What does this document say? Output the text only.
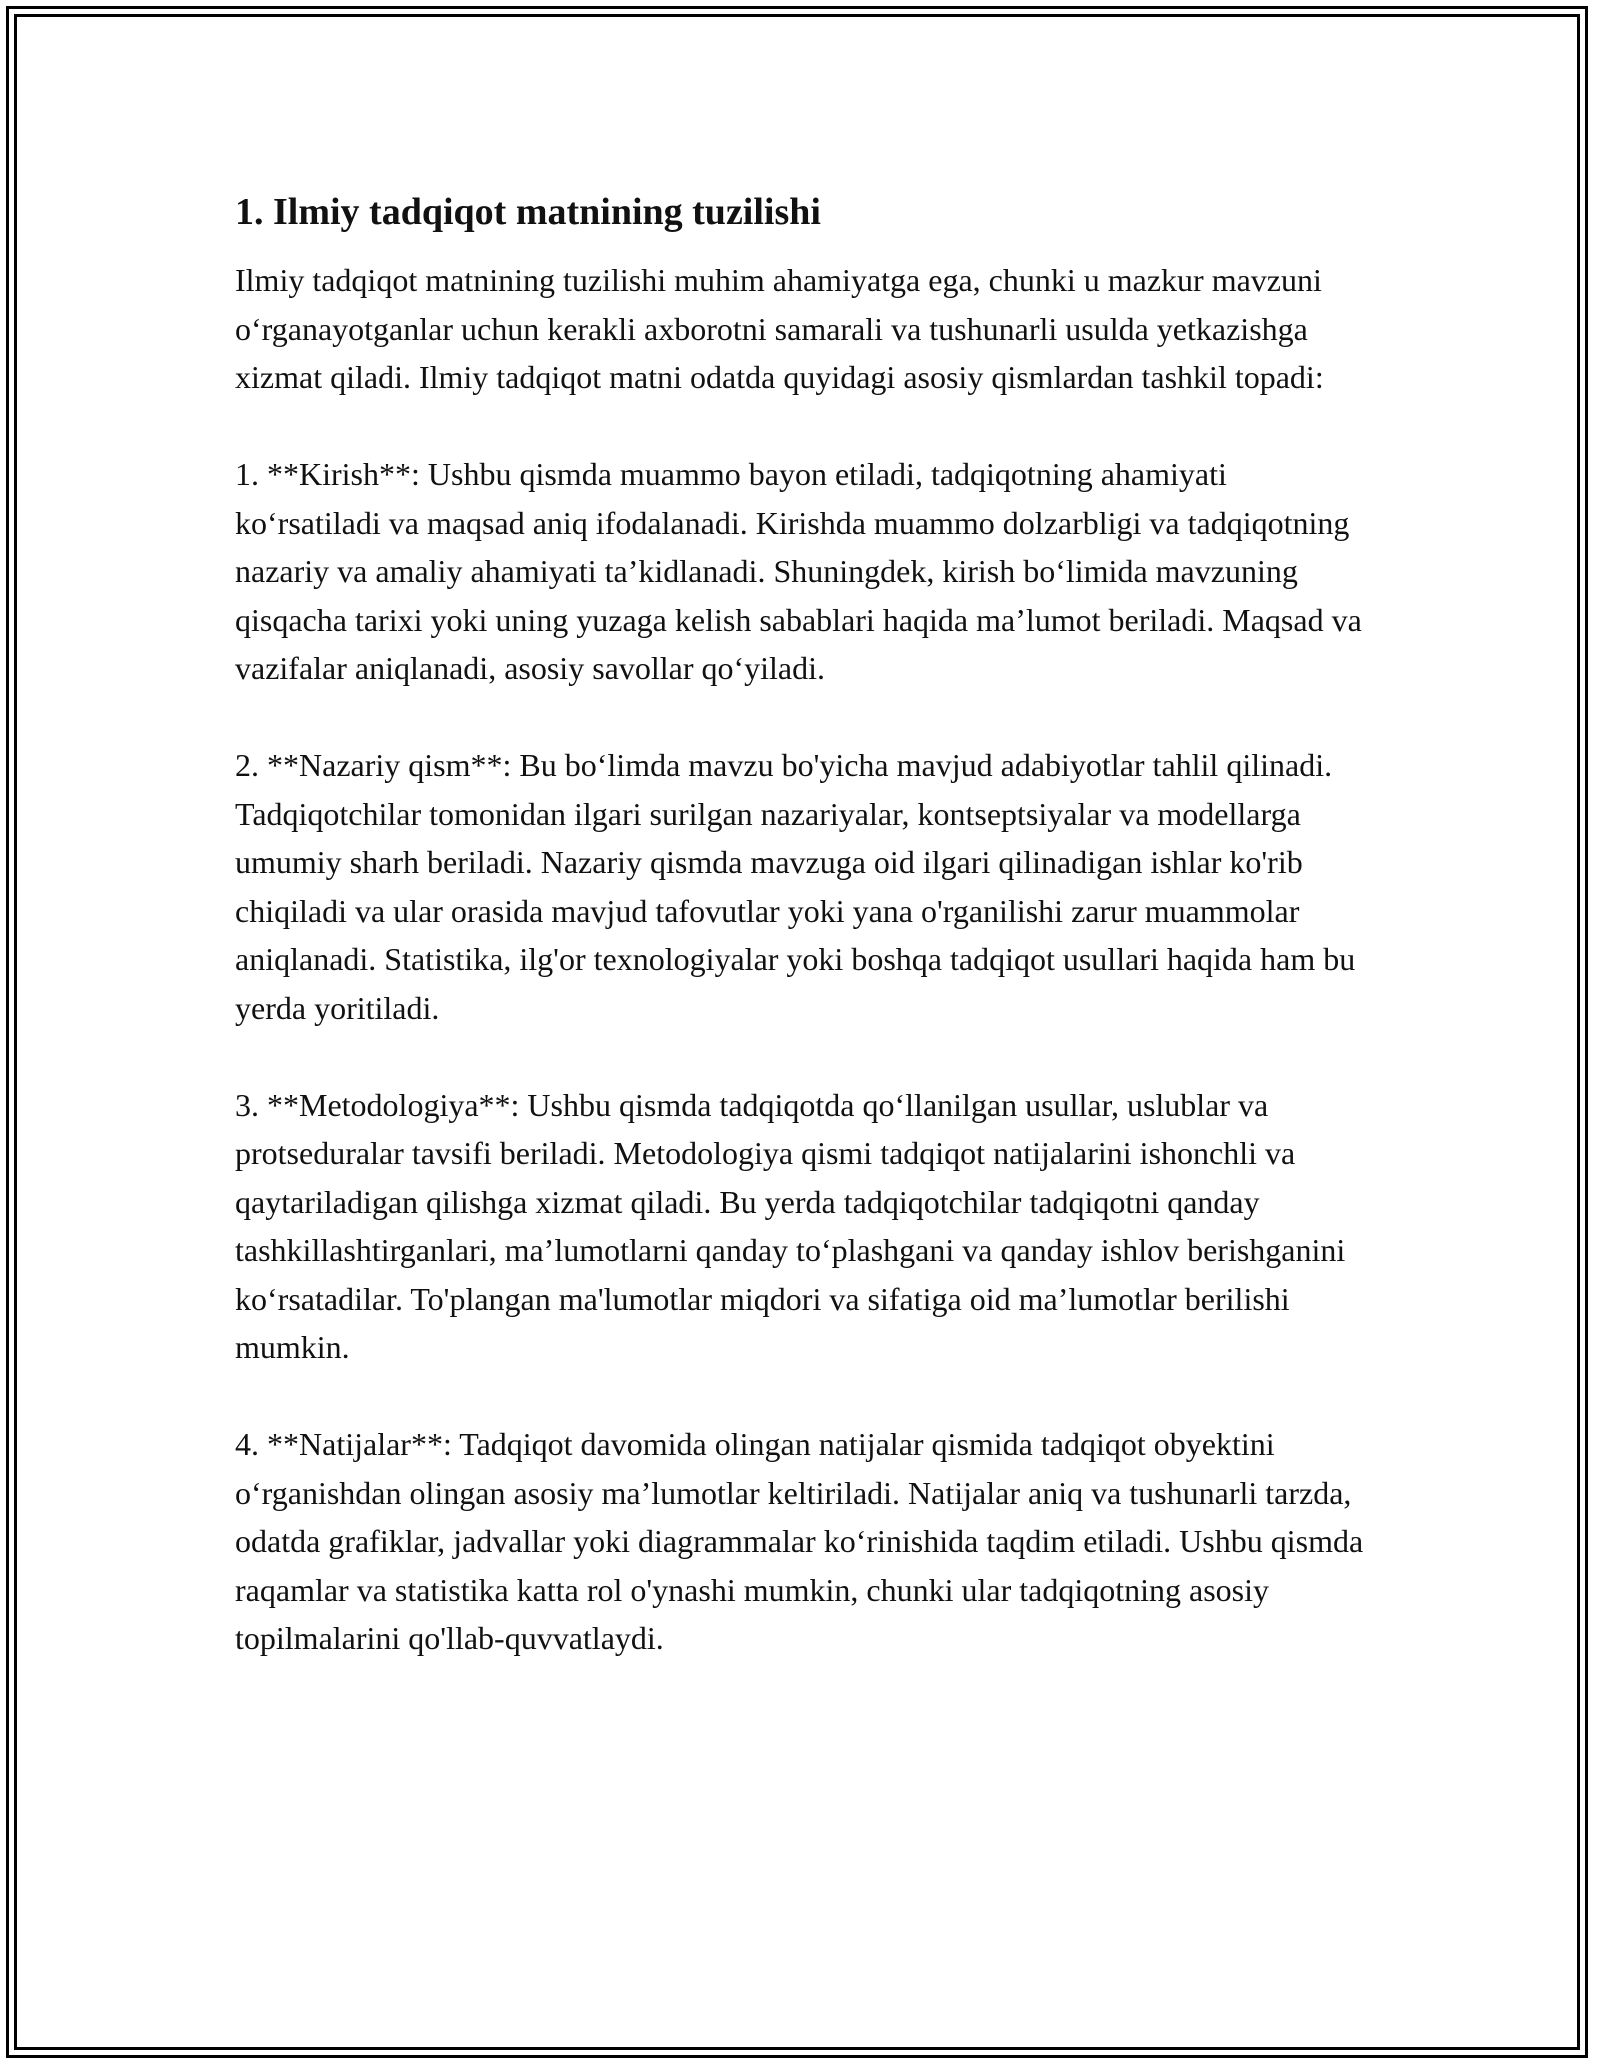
1. Ilmiy tadqiqot matnining tuzilishi

Ilmiy tadqiqot matnining tuzilishi muhim ahamiyatga ega, chunki u mazkur mavzuni o‘rganayotganlar uchun kerakli axborotni samarali va tushunarli usulda yetkazishga xizmat qiladi. Ilmiy tadqiqot matni odatda quyidagi asosiy qismlardan tashkil topadi:

1. **Kirish**: Ushbu qismda muammo bayon etiladi, tadqiqotning ahamiyati ko‘rsatiladi va maqsad aniq ifodalanadi. Kirishda muammo dolzarbligi va tadqiqotning nazariy va amaliy ahamiyati ta’kidlanadi. Shuningdek, kirish bo‘limida mavzuning qisqacha tarixi yoki uning yuzaga kelish sabablari haqida ma’lumot beriladi. Maqsad va vazifalar aniqlanadi, asosiy savollar qo‘yiladi.

2. **Nazariy qism**: Bu bo‘limda mavzu bo'yicha mavjud adabiyotlar tahlil qilinadi. Tadqiqotchilar tomonidan ilgari surilgan nazariyalar, kontseptsiyalar va modellarga umumiy sharh beriladi. Nazariy qismda mavzuga oid ilgari qilinadigan ishlar ko'rib chiqiladi va ular orasida mavjud tafovutlar yoki yana o'rganilishi zarur muammolar aniqlanadi. Statistika, ilg'or texnologiyalar yoki boshqa tadqiqot usullari haqida ham bu yerda yoritiladi.

3. **Metodologiya**: Ushbu qismda tadqiqotda qo‘llanilgan usullar, uslublar va protseduralar tavsifi beriladi. Metodologiya qismi tadqiqot natijalarini ishonchli va qaytariladigan qilishga xizmat qiladi. Bu yerda tadqiqotchilar tadqiqotni qanday tashkillashtirganlari, ma’lumotlarni qanday to‘plashgani va qanday ishlov berishganini ko‘rsatadilar. To'plangan ma'lumotlar miqdori va sifatiga oid ma’lumotlar berilishi mumkin.

4. **Natijalar**: Tadqiqot davomida olingan natijalar qismida tadqiqot obyektini o‘rganishdan olingan asosiy ma’lumotlar keltiriladi. Natijalar aniq va tushunarli tarzda, odatda grafiklar, jadvallar yoki diagrammalar ko‘rinishida taqdim etiladi. Ushbu qismda raqamlar va statistika katta rol o'ynashi mumkin, chunki ular tadqiqotning asosiy topilmalarini qo'llab-quvvatlaydi.
